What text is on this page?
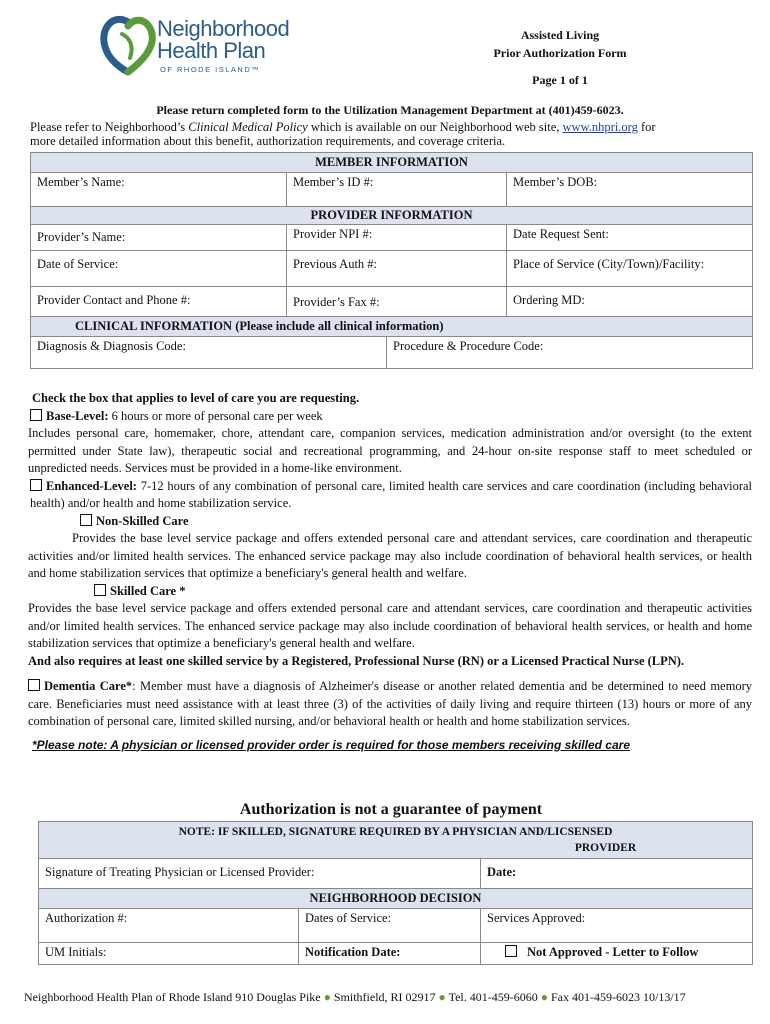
Neighborhood
Health Plan
OF RHODE ISLAND™
Assisted Living
Prior Authorization Form
Page 1 of 1
Please return completed form to the Utilization Management Department at (401)459-6023.
Please refer to Neighborhood’s Clinical Medical Policy which is available on our Neighborhood web site, www.nhpri.org for
more detailed information about this benefit, authorization requirements, and coverage criteria.
MEMBER INFORMATION			
Member’s Name:	Member’s ID #:		Member’s DOB:
PROVIDER INFORMATION			
Provider’s Name:	Provider NPI #:		Date Request Sent:
Date of Service:	Previous Auth #:		Place of Service (City/Town)/Facility:
Provider Contact and Phone #:	Provider’s Fax #:		Ordering MD:
CLINICAL INFORMATION (Please include all clinical information)			
Diagnosis & Diagnosis Code:		Procedure & Procedure Code:	

Check the box that applies to level of care you are requesting.

Base-Level: 6 hours or more of personal care per week

Includes personal care, homemaker, chore, attendant care, companion services, medication administration and/or oversight (to the extent permitted under State law), therapeutic social and recreational programming, and 24-hour on-site response staff to meet scheduled or unpredicted needs. Services must be provided in a home-like environment.

Enhanced-Level: 7-12 hours of any combination of personal care, limited health care services and care coordination (including behavioral health) and/or health and home stabilization service.

Non-Skilled Care

Provides the base level service package and offers extended personal care and attendant services, care coordination and therapeutic activities and/or limited health services. The enhanced service package may also include coordination of behavioral health services, or health and home stabilization services that optimize a beneficiary's general health and welfare.

Skilled Care *

Provides the base level service package and offers extended personal care and attendant services, care coordination and therapeutic activities and/or limited health services. The enhanced service package may also include coordination of behavioral health services, or health and home stabilization services that optimize a beneficiary's general health and welfare.

And also requires at least one skilled service by a Registered, Professional Nurse (RN) or a Licensed Practical Nurse (LPN).

Dementia Care*: Member must have a diagnosis of Alzheimer's disease or another related dementia and be determined to need memory care. Beneficiaries must need assistance with at least three (3) of the activities of daily living and require thirteen (13) hours or more of any combination of personal care, limited skilled nursing, and/or behavioral health or health and home stabilization services.

*Please note: A physician or licensed provider order is required for those members receiving skilled care

Authorization is not a guarantee of payment
NOTE: IF SKILLED, SIGNATURE REQUIRED BY A PHYSICIAN AND/LICSENSED
PROVIDER		
Signature of Treating Physician or Licensed Provider:		Date:
NEIGHBORHOOD DECISION		
Authorization #:	Dates of Service:	Services Approved:
UM Initials:	Notification Date:	Not Approved - Letter to Follow
Neighborhood Health Plan of Rhode Island 910 Douglas Pike ● Smithfield, RI 02917 ● Tel. 401-459-6060 ● Fax 401-459-6023 10/13/17
